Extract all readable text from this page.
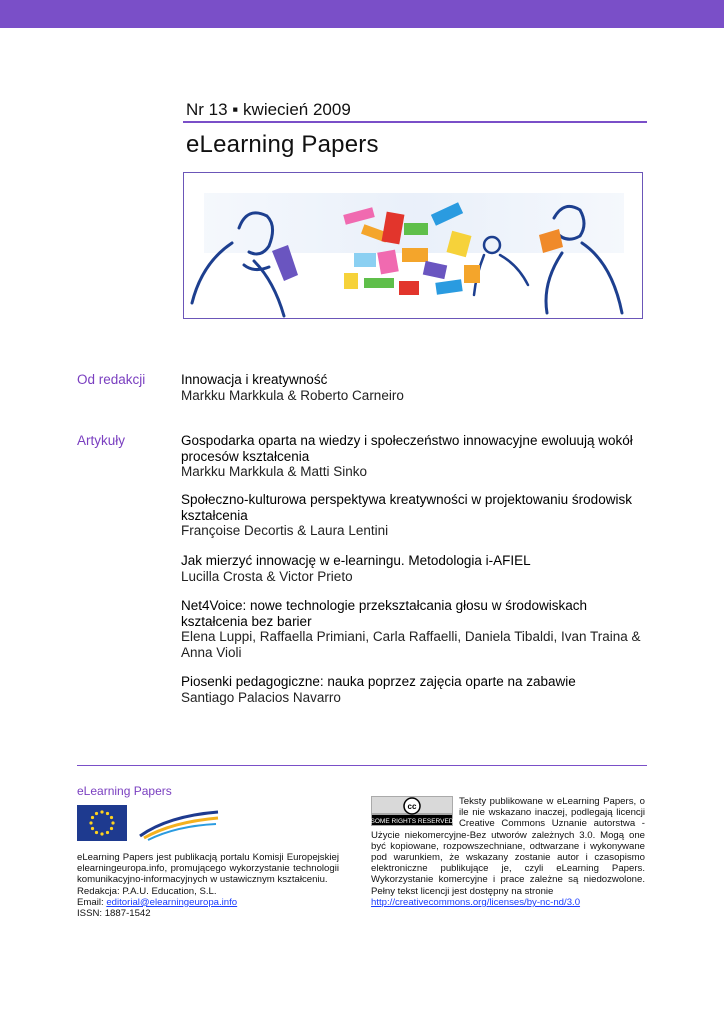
Nr 13 ▪ kwiecień 2009
eLearning Papers
Od redakcji	Innowacja i kreatywność
Markku Markkula & Roberto Carneiro
Artykuły	Gospodarka oparta na wiedzy i społeczeństwo innowacyjne ewoluują wokół procesów kształcenia
Markku Markkula & Matti Sinko
Społeczno-kulturowa perspektywa kreatywności w projektowaniu środowisk kształcenia
Françoise Decortis & Laura Lentini
Jak mierzyć innowację w e-learningu. Metodologia i-AFIEL
Lucilla Crosta & Victor Prieto
Net4Voice: nowe technologie przekształcania głosu w środowiskach kształcenia bez barier
Elena Luppi, Raffaella Primiani, Carla Raffaelli, Daniela Tibaldi, Ivan Traina & Anna Violi
Piosenki pedagogiczne: nauka poprzez zajęcia oparte na zabawie
Santiago Palacios Navarro
eLearning Papers
eLearning Papers jest publikacją portalu Komisji Europejskiej elearningeuropa.info, promującego wykorzystanie technologii komunikacyjno-informacyjnych w ustawicznym kształceniu.
Redakcja: P.A.U. Education, S.L.
Email: editorial@elearningeuropa.info
ISSN: 1887-1542
cc
SOME RIGHTS RESERVED
Teksty publikowane w eLearning Papers, o ile nie wskazano inaczej, podlegają licencji Creative Commons Uznanie autorstwa - Użycie niekomercyjne-Bez utworów zależnych 3.0. Mogą one być kopiowane, rozpowszechniane, odtwarzane i wykonywane pod warunkiem, że wskazany zostanie autor i czasopismo elektroniczne publikujące je, czyli eLearning Papers. Wykorzystanie komercyjne i prace zależne są niedozwolone. Pełny tekst licencji jest dostępny na stronie
http://creativecommons.org/licenses/by-nc-nd/3.0
